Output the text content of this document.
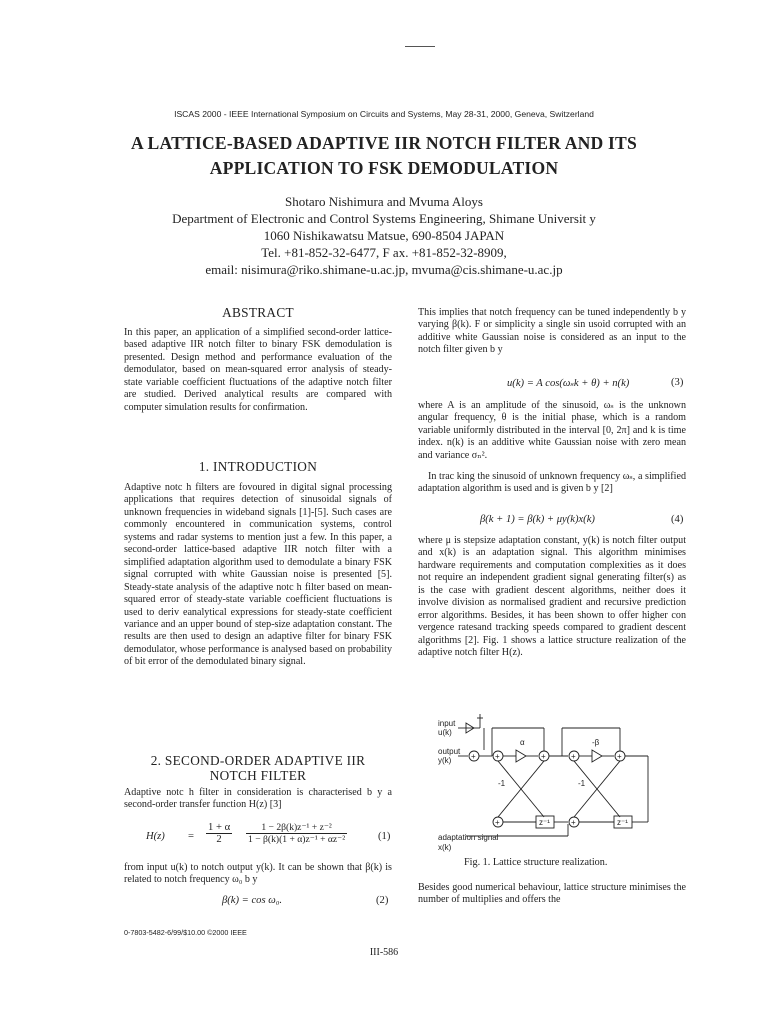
ISCAS 2000 - IEEE International Symposium on Circuits and Systems, May 28-31, 2000, Geneva, Switzerland
A LATTICE-BASED ADAPTIVE IIR NOTCH FILTER AND ITS
APPLICATION TO FSK DEMODULATION
Shotaro Nishimura and Mvuma Aloys
Department of Electronic and Control Systems Engineering, Shimane Universit y
1060 Nishikawatsu Matsue, 690-8504 JAPAN
Tel. +81-852-32-6477, F ax. +81-852-32-8909,
email: nisimura@riko.shimane-u.ac.jp, mvuma@cis.shimane-u.ac.jp
ABSTRACT
In this paper, an application of a simplified second-order lattice-based adaptive IIR notch filter to binary FSK demodulation is presented. Design method and performance evaluation of the demodulator, based on mean-squared error analysis of steady-state variable coefficient fluctuations of the adaptive notch filter are studied. Derived analytical results are compared with computer simulation results for confirmation.
1. INTRODUCTION
Adaptive notc h filters are fovoured in digital signal processing applications that requires detection of sinusoidal signals of unknown frequencies in wideband signals [1]-[5]. Such cases are commonly encountered in communication systems, control systems and radar systems to mention just a few. In this paper, a second-order lattice-based adaptive IIR notch filter with a simplified adaptation algorithm used to demodulate a binary FSK signal corrupted with white Gaussian noise is presented [5]. Steady-state analysis of the adaptive notc h filter based on mean-squared error of steady-state variable coefficient fluctuations is used to deriv eanalytical expressions for steady-state coefficient variance and an upper bound of step-size adaptation constant. The results are then used to design an adaptive filter for binary FSK demodulator, whose performance is analysed based on probability of bit error of the demodulated binary signal.
2. SECOND-ORDER ADAPTIVE IIR
NOTCH FILTER
Adaptive notc h filter in consideration is characterised b y a second-order transfer function H(z) [3]
$H(z) = \frac{1 + \alpha}{2} \frac{\text{1 − 2β(k)z⁻¹ + z⁻²}}{\text{1 − β(k)(1 + α)z⁻¹ + αz⁻²}}$	(1)
from input u(k) to notch output y(k). It can be shown that β(k) is related to notch frequency ω₀ b y
β(k) = cos ω₀.	(2)
This implies that notch frequency can be tuned independently b y varying β(k). F or simplicity a single sin usoid corrupted with an additive white Gaussian noise is considered as an input to the notch filter given b y
u(k) = A cos(ωₛk + θ) + n(k)	(3)
where A is an amplitude of the sinusoid, ωₛ is the unknown angular frequency, θ is the initial phase, which is a random variable uniformly distributed in the interval [0, 2π] and k is time index. n(k) is an additive white Gaussian noise with zero mean and variance σₙ².
In trac king the sinusoid of unknown frequency ωₛ, a simplified adaptation algorithm is used and is given b y [2]
β(k + 1) = β(k) + μy(k)x(k)	(4)
where μ is stepsize adaptation constant, y(k) is notch filter output and x(k) is an adaptation signal. This algorithm minimises hardware requirements and computation complexities as it does not require an independent gradient signal generating filter(s) as is the case with gradient descent algorithms, neither does it involve division as normalised gradient and recursive prediction error algorithms. Besides, it has been shown to offer higher con vergence ratesand tracking speeds compared to gradient descent algorithms [2]. Fig. 1 shows a lattice structure realization of the adaptive notch filter H(z).
input
u(k)
output
y(k) + +
α
+
-1
+	z⁻¹
+
-β
+
-1
+	z⁻¹
adaptation signal
x(k)
Fig. 1. Lattice structure realization.
Besides good numerical behaviour, lattice structure minimises the number of multiplies and offers the
0-7803-5482-6/99/$10.00 ©2000 IEEE
III-586
